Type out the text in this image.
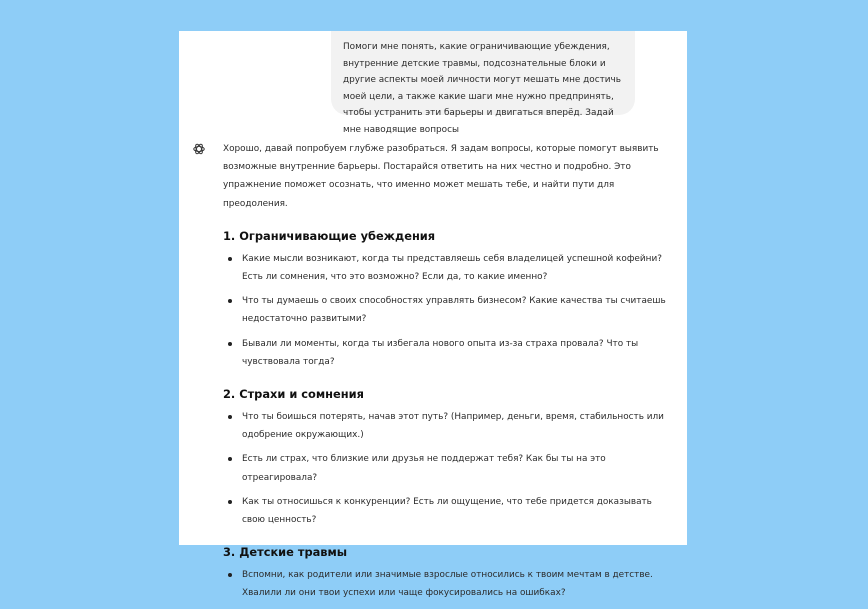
Помоги мне понять, какие ограничивающие убеждения, внутренние детские травмы, подсознательные блоки и другие аспекты моей личности могут мешать мне достичь моей цели, а также какие шаги мне нужно предпринять, чтобы устранить эти барьеры и двигаться вперёд. Задай мне наводящие вопросы

Хорошо, давай попробуем глубже разобраться. Я задам вопросы, которые помогут выявить возможные внутренние барьеры. Постарайся ответить на них честно и подробно. Это упражнение поможет осознать, что именно может мешать тебе, и найти пути для преодоления.

1. Ограничивающие убеждения
Какие мысли возникают, когда ты представляешь себя владелицей успешной кофейни? Есть ли сомнения, что это возможно? Если да, то какие именно?
Что ты думаешь о своих способностях управлять бизнесом? Какие качества ты считаешь недостаточно развитыми?
Бывали ли моменты, когда ты избегала нового опыта из-за страха провала? Что ты чувствовала тогда?
2. Страхи и сомнения
Что ты боишься потерять, начав этот путь? (Например, деньги, время, стабильность или одобрение окружающих.)
Есть ли страх, что близкие или друзья не поддержат тебя? Как бы ты на это отреагировала?
Как ты относишься к конкуренции? Есть ли ощущение, что тебе придется доказывать свою ценность?
3. Детские травмы
Вспомни, как родители или значимые взрослые относились к твоим мечтам в детстве. Хвалили ли они твои успехи или чаще фокусировались на ошибках?
